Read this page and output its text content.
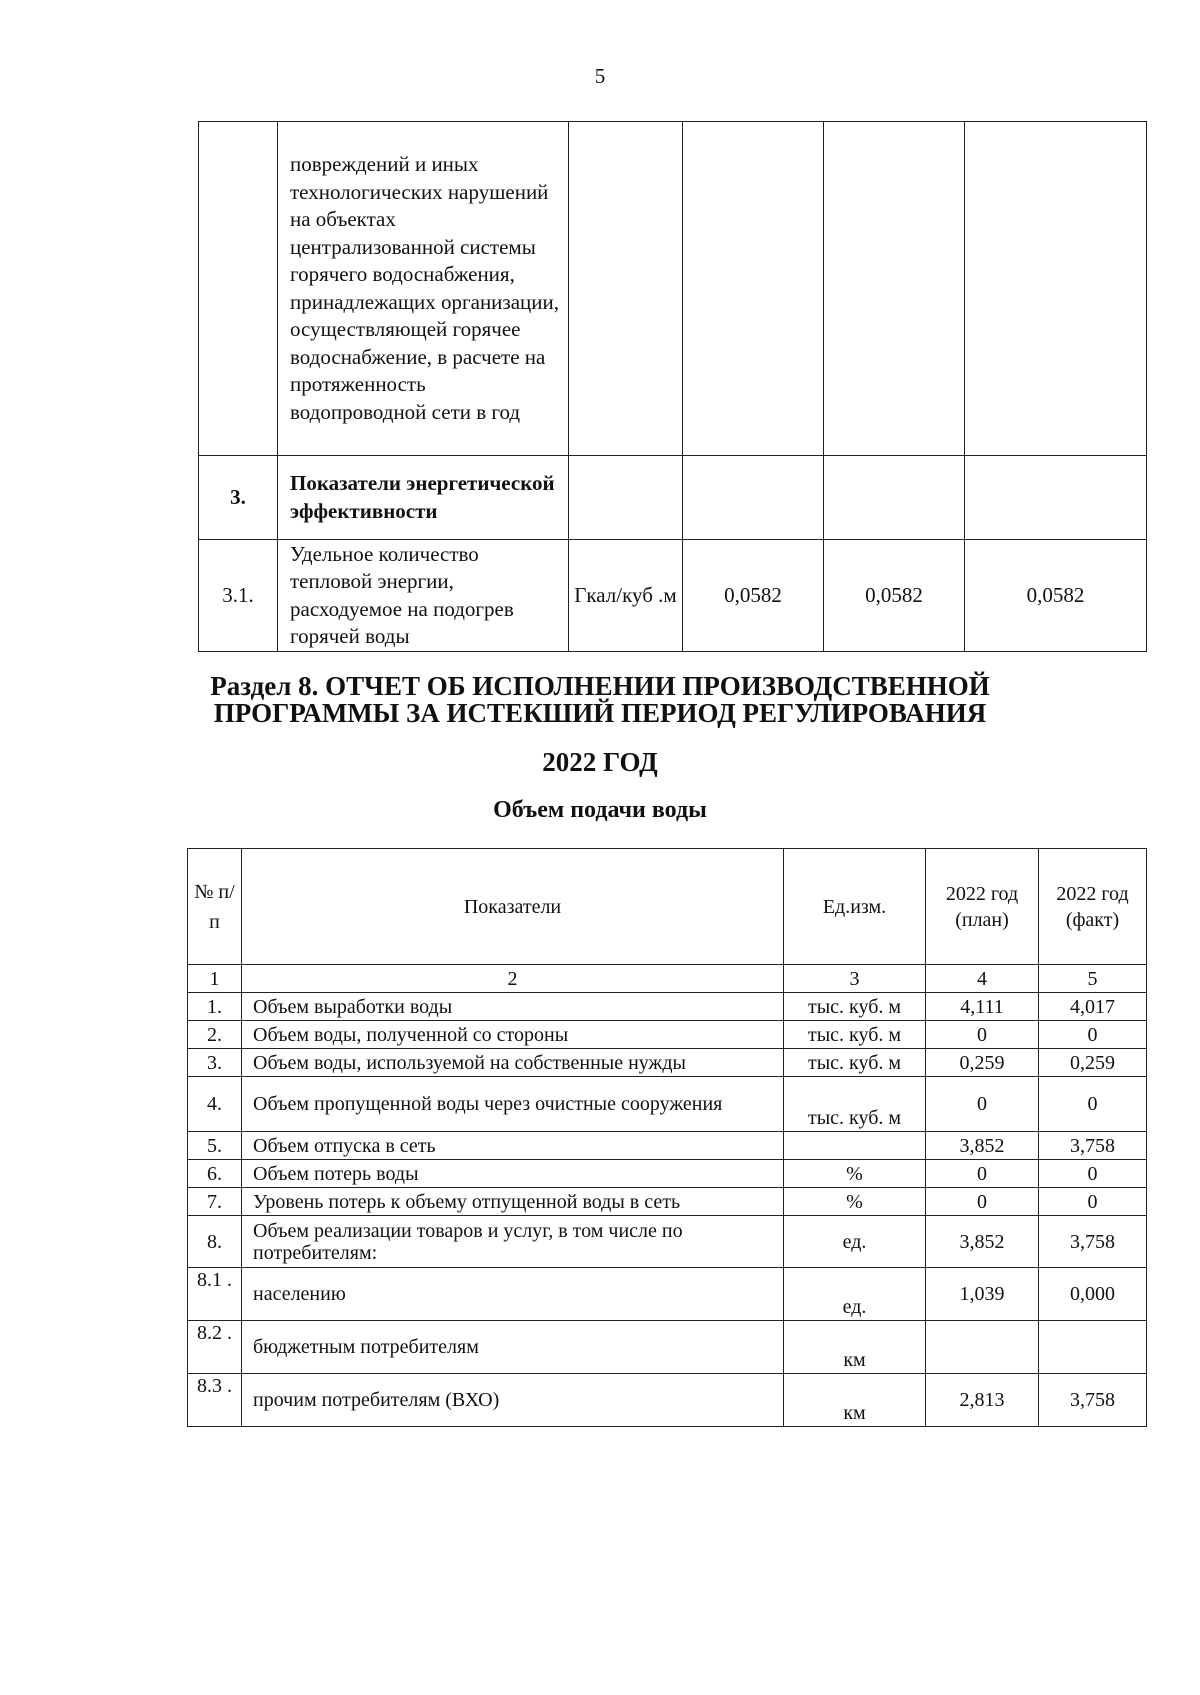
5
	повреждений и иных технологических нарушений на объектах централизованной системы горячего водоснабжения, принадлежащих организации, осуществляющей горячее водоснабжение, в расчете на протяженность водопроводной сети в год				
3.	Показатели энергетической эффективности				
3.1.	Удельное количество тепловой энергии, расходуемое на подогрев горячей воды	Гкал/куб .м	0,0582	0,0582	0,0582
Раздел 8. ОТЧЕТ ОБ ИСПОЛНЕНИИ ПРОИЗВОДСТВЕННОЙ
ПРОГРАММЫ ЗА ИСТЕКШИЙ ПЕРИОД РЕГУЛИРОВАНИЯ
2022 ГОД
Объем подачи воды
№ п/ п	Показатели	Ед.изм.	2022 год (план)	2022 год (факт)
1	2	3	4	5
1.	Объем выработки воды	тыс. куб. м	4,111	4,017
2.	Объем воды, полученной со стороны	тыс. куб. м	0	0
3.	Объем воды, используемой на собственные нужды	тыс. куб. м	0,259	0,259
4.	Объем пропущенной воды через очистные сооружения	тыс. куб. м	0	0
5.	Объем отпуска в сеть		3,852	3,758
6.	Объем потерь воды	%	0	0
7.	Уровень потерь к объему отпущенной воды в сеть	%	0	0
8.	Объем реализации товаров и услуг, в том числе по потребителям:	ед.	3,852	3,758
8.1 .	населению	ед.	1,039	0,000
8.2 .	бюджетным потребителям	км		
8.3 .	прочим потребителям (ВХО)	км	2,813	3,758
